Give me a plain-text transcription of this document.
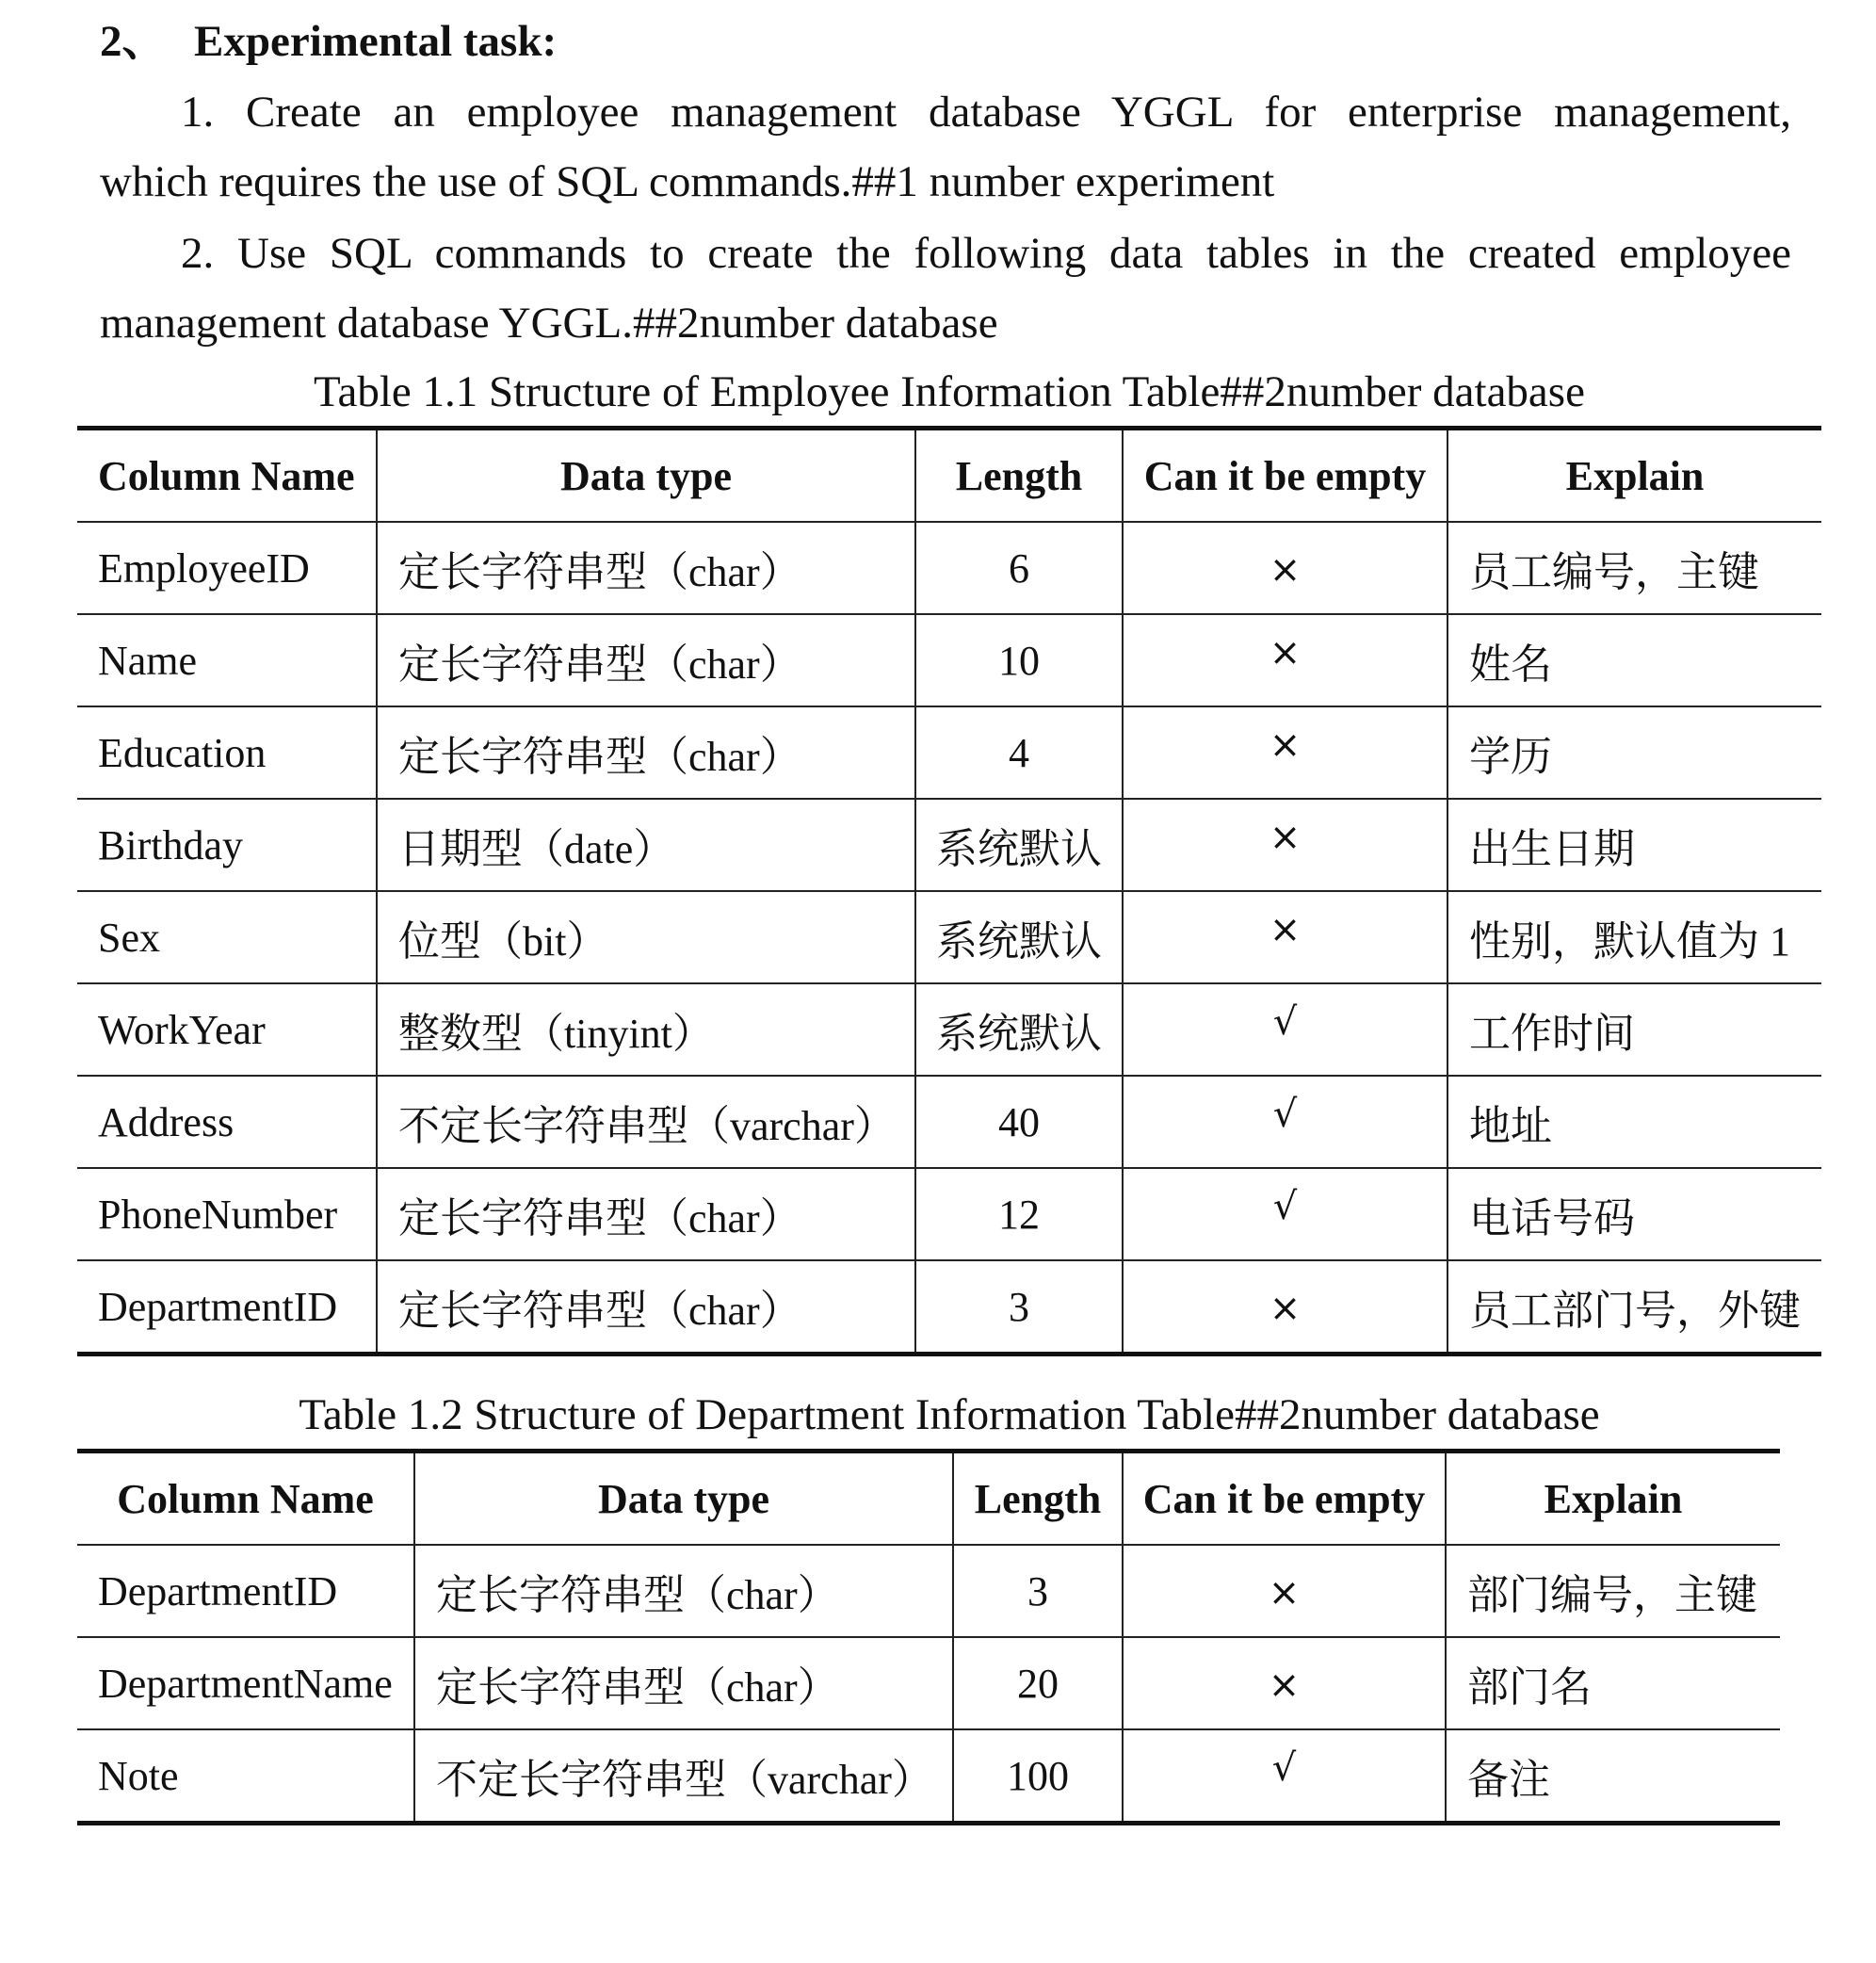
2、 Experimental task:
1. Create an employee management database YGGL for enterprise management,
which requires the use of SQL commands.##1 number experiment
2. Use SQL commands to create the following data tables in the created employee
management database YGGL.##2number database
Table 1.1 Structure of Employee Information Table##2number database
Column Name	Data type	Length	Can it be empty	Explain
EmployeeID	定长字符串型（char）	6	×	员工编号，主键
Name	定长字符串型（char）	10	×	姓名
Education	定长字符串型（char）	4	×	学历
Birthday	日期型（date）	系统默认	×	出生日期
Sex	位型（bit）	系统默认	×	性别，默认值为 1
WorkYear	整数型（tinyint）	系统默认	√	工作时间
Address	不定长字符串型（varchar）	40	√	地址
PhoneNumber	定长字符串型（char）	12	√	电话号码
DepartmentID	定长字符串型（char）	3	×	员工部门号，外键
Table 1.2 Structure of Department Information Table##2number database
Column Name	Data type	Length	Can it be empty	Explain
DepartmentID	定长字符串型（char）	3	×	部门编号，主键
DepartmentName	定长字符串型（char）	20	×	部门名
Note	不定长字符串型（varchar）	100	√	备注
